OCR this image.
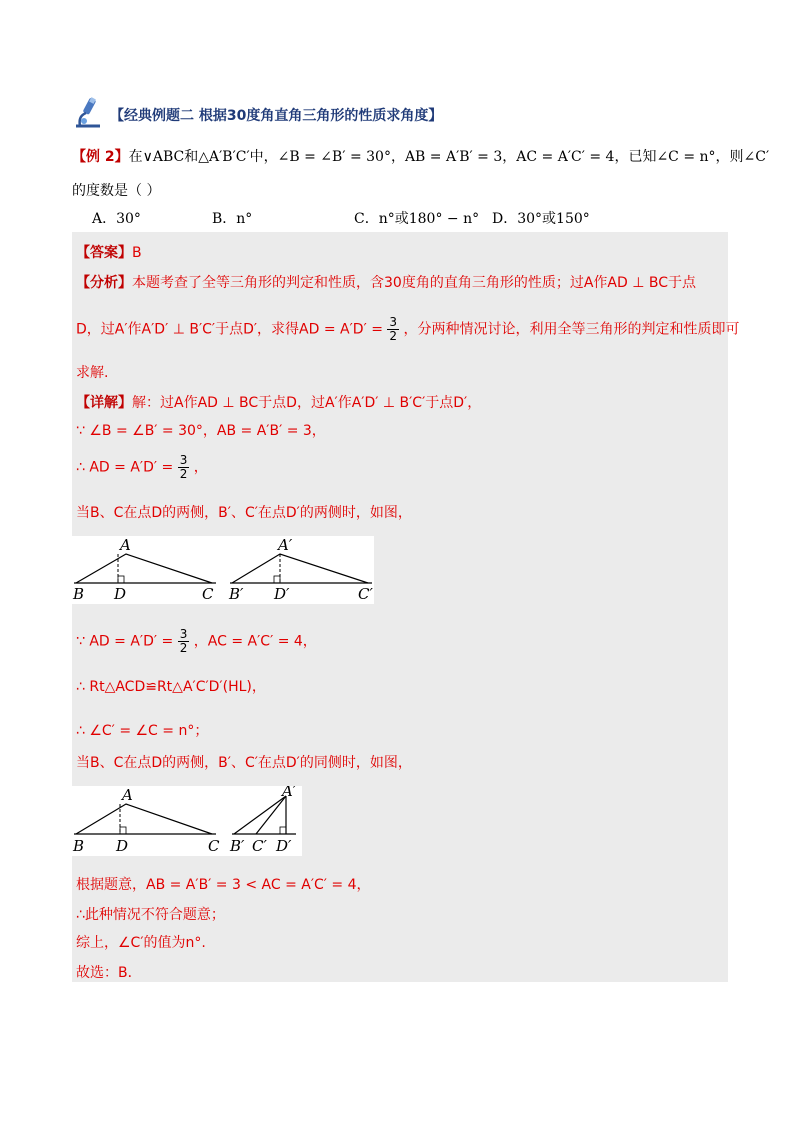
【经典例题二 根据30度角直角三角形的性质求角度】
【例 2】在∨ABC和△A′B′C′中，∠B = ∠B′ = 30°，AB = A′B′ = 3，AC = A′C′ = 4，已知∠C = n°，则∠C′
的度数是（ ）
A．30°	B．n°	C．n°或180° − n° D．30°或150°
【答案】B
【分析】本题考查了全等三角形的判定和性质，含30度角的直角三角形的性质；过A作AD ⊥ BC于点
D，过A′作A′D′ ⊥ B′C′于点D′，求得AD = $A'D' = \frac{3}{2}$ ，分两种情况讨论，利用全等三角形的判定和性质即可
求解.
【详解】解：过A作AD ⊥ BC于点D，过A′作A′D′ ⊥ B′C′于点D′，
∵ ∠B = ∠B′ = 30°，AB = A′B′ = 3，
∴ AD = $A'D' = \frac{3}{2}$ ，
当B、C在点D的两侧，B′、C′在点D′的两侧时，如图，
A
B D	C
A′
B′ D′	C′
∵ AD = $A'D' = \frac{3}{2}$ ，AC = A′C′ = 4，
∴ Rt△ACD≌Rt△A′C′D′(HL)，
∴ ∠C′ = ∠C = n°；
当B、C在点D的两侧，B′、C′在点D′的同侧时，如图，
A
B D	C
A′
B′ C′ D′
根据题意，AB = A′B′ = 3 < AC = A′C′ = 4，
∴此种情况不符合题意；
综上，∠C′的值为n°.
故选：B．
